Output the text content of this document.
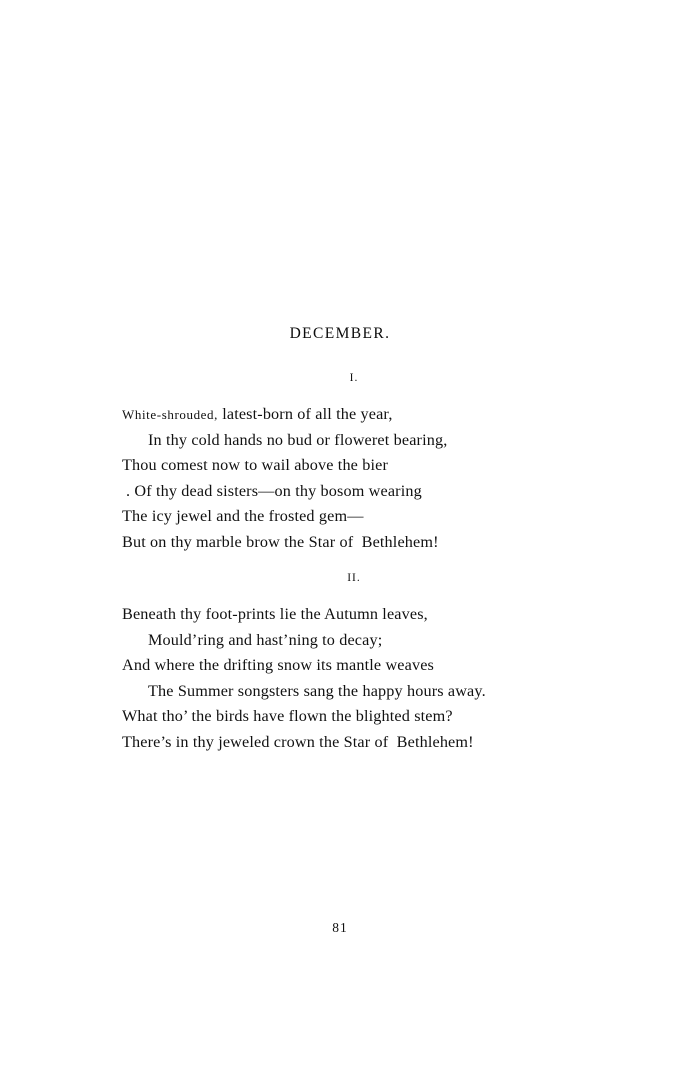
DECEMBER.
I.
White-shrouded, latest-born of all the year,
In thy cold hands no bud or floweret bearing,
Thou comest now to wail above the bier
. Of thy dead sisters—on thy bosom wearing
The icy jewel and the frosted gem—
But on thy marble brow the Star of  Bethlehem!
II.
Beneath thy foot-prints lie the Autumn leaves,
Mould’ring and hast’ning to decay;
And where the drifting snow its mantle weaves
The Summer songsters sang the happy hours away.
What tho’ the birds have flown the blighted stem?
There’s in thy jeweled crown the Star of  Bethlehem!
81
